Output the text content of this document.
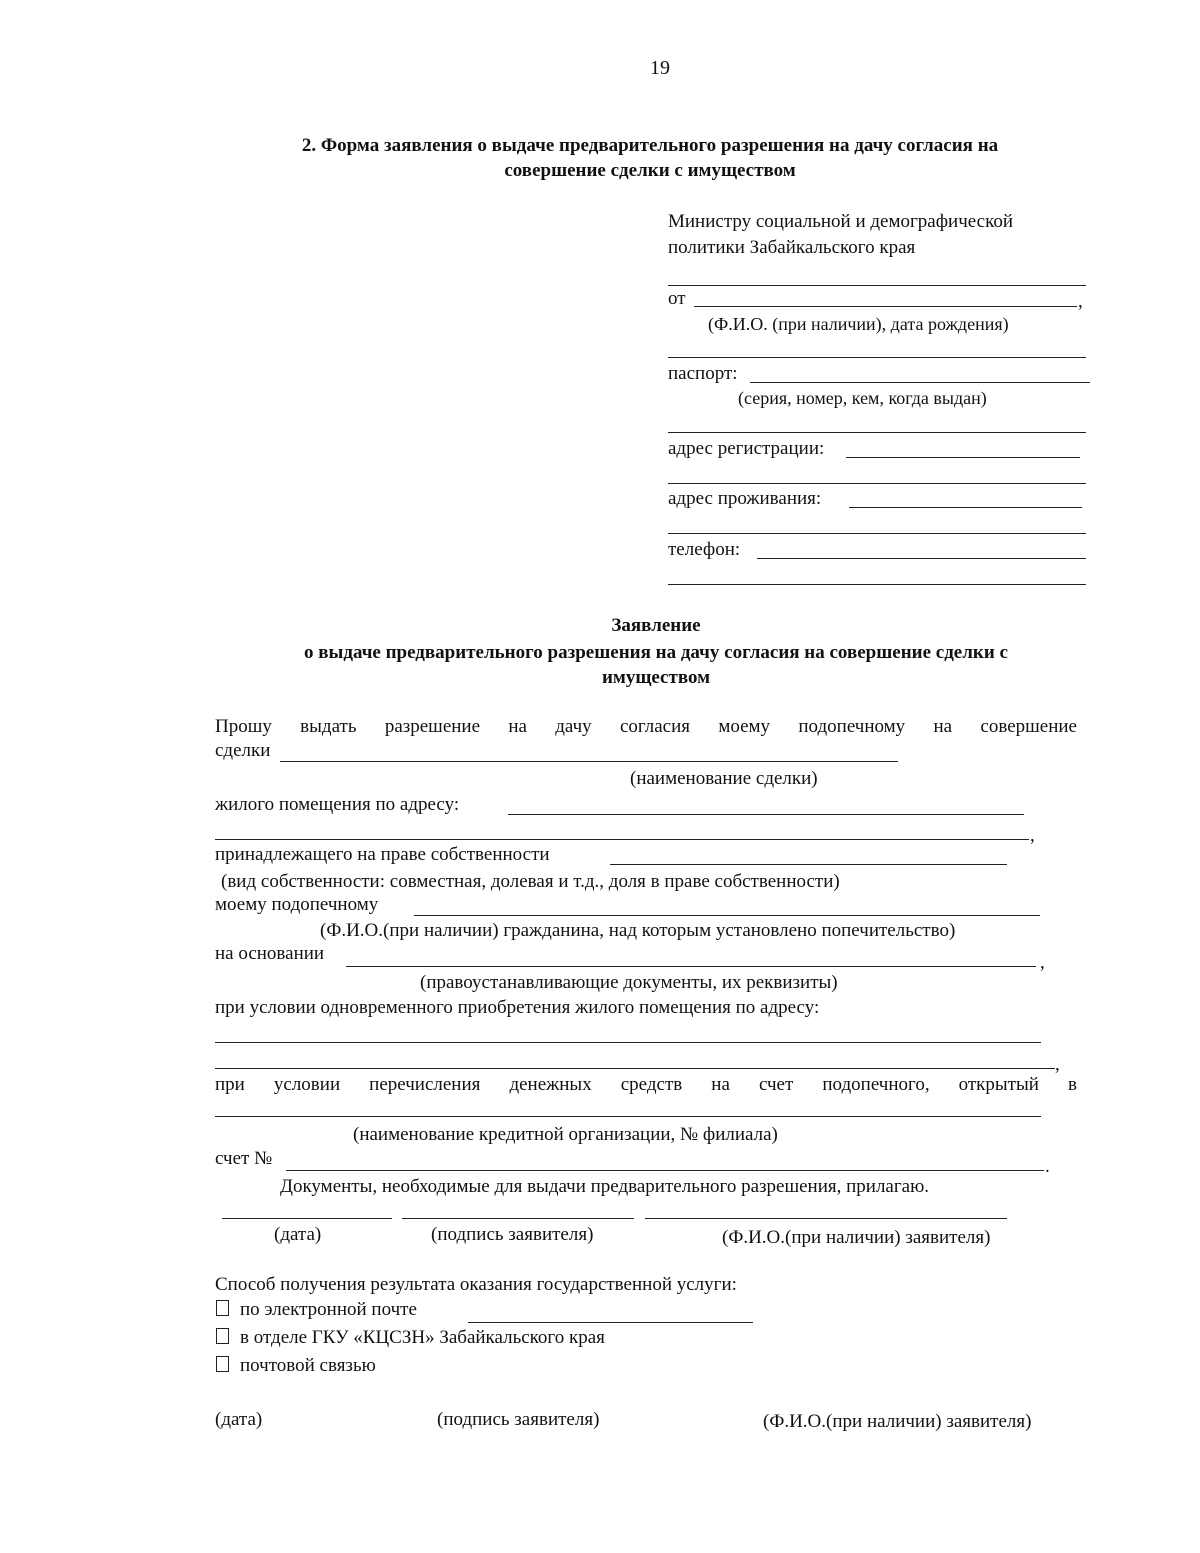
19
2. Форма заявления о выдаче предварительного разрешения на дачу согласия на
совершение сделки с имуществом
Министру социальной и демографической
политики Забайкальского края
от	,
(Ф.И.О. (при наличии), дата рождения)
паспорт:
(серия, номер, кем, когда выдан)
адрес регистрации:
адрес проживания:
телефон:
Заявление
о выдаче предварительного разрешения на дачу согласия на совершение сделки с
имуществом
Прошу выдать разрешение на дачу согласия моему подопечному на совершение
сделки
(наименование сделки)
жилого помещения по адресу:
,
принадлежащего на праве собственности
(вид собственности: совместная, долевая и т.д., доля в праве собственности)
моему подопечному
(Ф.И.О.(при наличии) гражданина, над которым установлено попечительство)
на основании	,
(правоустанавливающие документы, их реквизиты)
при условии одновременного приобретения жилого помещения по адресу:
,
при условии перечисления денежных средств на счет подопечного, открытый в
(наименование кредитной организации, № филиала)
счет №	.
Документы, необходимые для выдачи предварительного разрешения, прилагаю.
(дата)	(подпись заявителя)	(Ф.И.О.(при наличии) заявителя)
Способ получения результата оказания государственной услуги:
по электронной почте
в отделе ГКУ «КЦСЗН» Забайкальского края
почтовой связью
(дата)	(подпись заявителя)	(Ф.И.О.(при наличии) заявителя)
